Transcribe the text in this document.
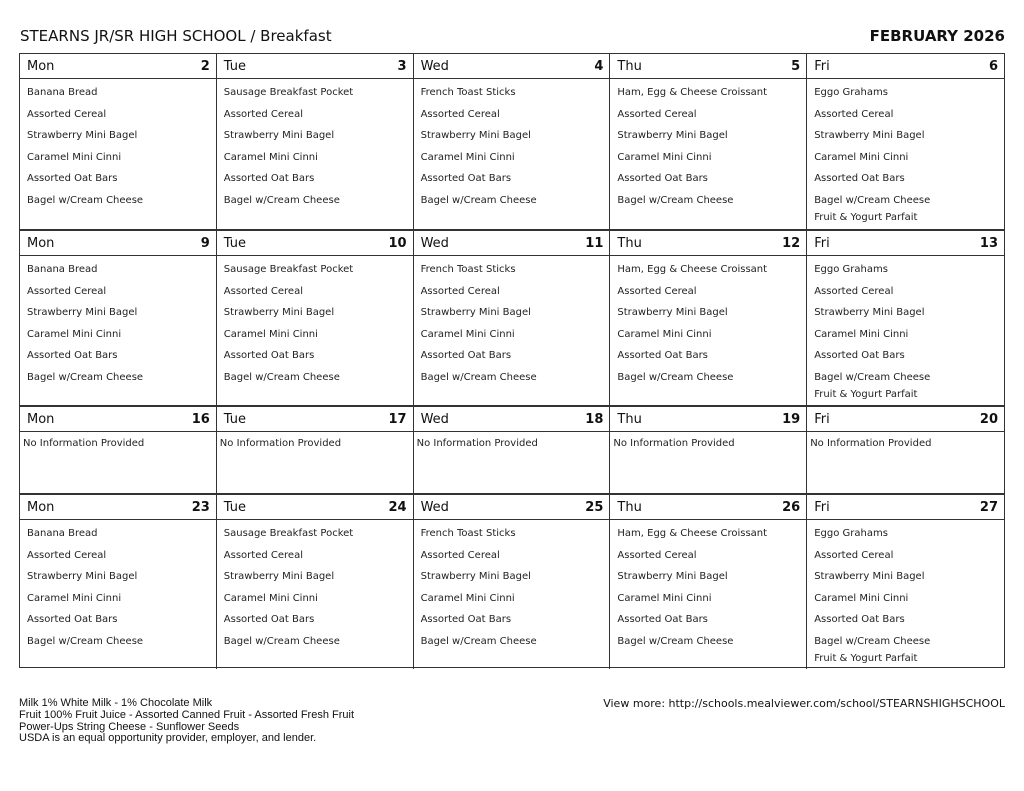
STEARNS JR/SR HIGH SCHOOL / Breakfast	FEBRUARY 2026
Mon	2
Banana Bread
Assorted Cereal
Strawberry Mini Bagel
Caramel Mini Cinni
Assorted Oat Bars
Bagel w/Cream Cheese
Tue	3
Sausage Breakfast Pocket
Assorted Cereal
Strawberry Mini Bagel
Caramel Mini Cinni
Assorted Oat Bars
Bagel w/Cream Cheese
Wed	4
French Toast Sticks
Assorted Cereal
Strawberry Mini Bagel
Caramel Mini Cinni
Assorted Oat Bars
Bagel w/Cream Cheese
Thu	5
Ham, Egg & Cheese Croissant
Assorted Cereal
Strawberry Mini Bagel
Caramel Mini Cinni
Assorted Oat Bars
Bagel w/Cream Cheese
Fri	6
Eggo Grahams
Assorted Cereal
Strawberry Mini Bagel
Caramel Mini Cinni
Assorted Oat Bars
Bagel w/Cream Cheese
Fruit & Yogurt Parfait
Mon	9
Banana Bread
Assorted Cereal
Strawberry Mini Bagel
Caramel Mini Cinni
Assorted Oat Bars
Bagel w/Cream Cheese
Tue	10
Sausage Breakfast Pocket
Assorted Cereal
Strawberry Mini Bagel
Caramel Mini Cinni
Assorted Oat Bars
Bagel w/Cream Cheese
Wed	11
French Toast Sticks
Assorted Cereal
Strawberry Mini Bagel
Caramel Mini Cinni
Assorted Oat Bars
Bagel w/Cream Cheese
Thu	12
Ham, Egg & Cheese Croissant
Assorted Cereal
Strawberry Mini Bagel
Caramel Mini Cinni
Assorted Oat Bars
Bagel w/Cream Cheese
Fri	13
Eggo Grahams
Assorted Cereal
Strawberry Mini Bagel
Caramel Mini Cinni
Assorted Oat Bars
Bagel w/Cream Cheese
Fruit & Yogurt Parfait
Mon	16
No Information Provided
Tue	17
No Information Provided
Wed	18
No Information Provided
Thu	19
No Information Provided
Fri	20
No Information Provided
Mon	23
Banana Bread
Assorted Cereal
Strawberry Mini Bagel
Caramel Mini Cinni
Assorted Oat Bars
Bagel w/Cream Cheese
Tue	24
Sausage Breakfast Pocket
Assorted Cereal
Strawberry Mini Bagel
Caramel Mini Cinni
Assorted Oat Bars
Bagel w/Cream Cheese
Wed	25
French Toast Sticks
Assorted Cereal
Strawberry Mini Bagel
Caramel Mini Cinni
Assorted Oat Bars
Bagel w/Cream Cheese
Thu	26
Ham, Egg & Cheese Croissant
Assorted Cereal
Strawberry Mini Bagel
Caramel Mini Cinni
Assorted Oat Bars
Bagel w/Cream Cheese
Fri	27
Eggo Grahams
Assorted Cereal
Strawberry Mini Bagel
Caramel Mini Cinni
Assorted Oat Bars
Bagel w/Cream Cheese
Fruit & Yogurt Parfait
Milk 1% White Milk - 1% Chocolate Milk
Fruit 100% Fruit Juice - Assorted Canned Fruit - Assorted Fresh Fruit
Power-Ups String Cheese - Sunflower Seeds
USDA is an equal opportunity provider, employer, and lender.
View more: http://schools.mealviewer.com/school/STEARNSHIGHSCHOOL
